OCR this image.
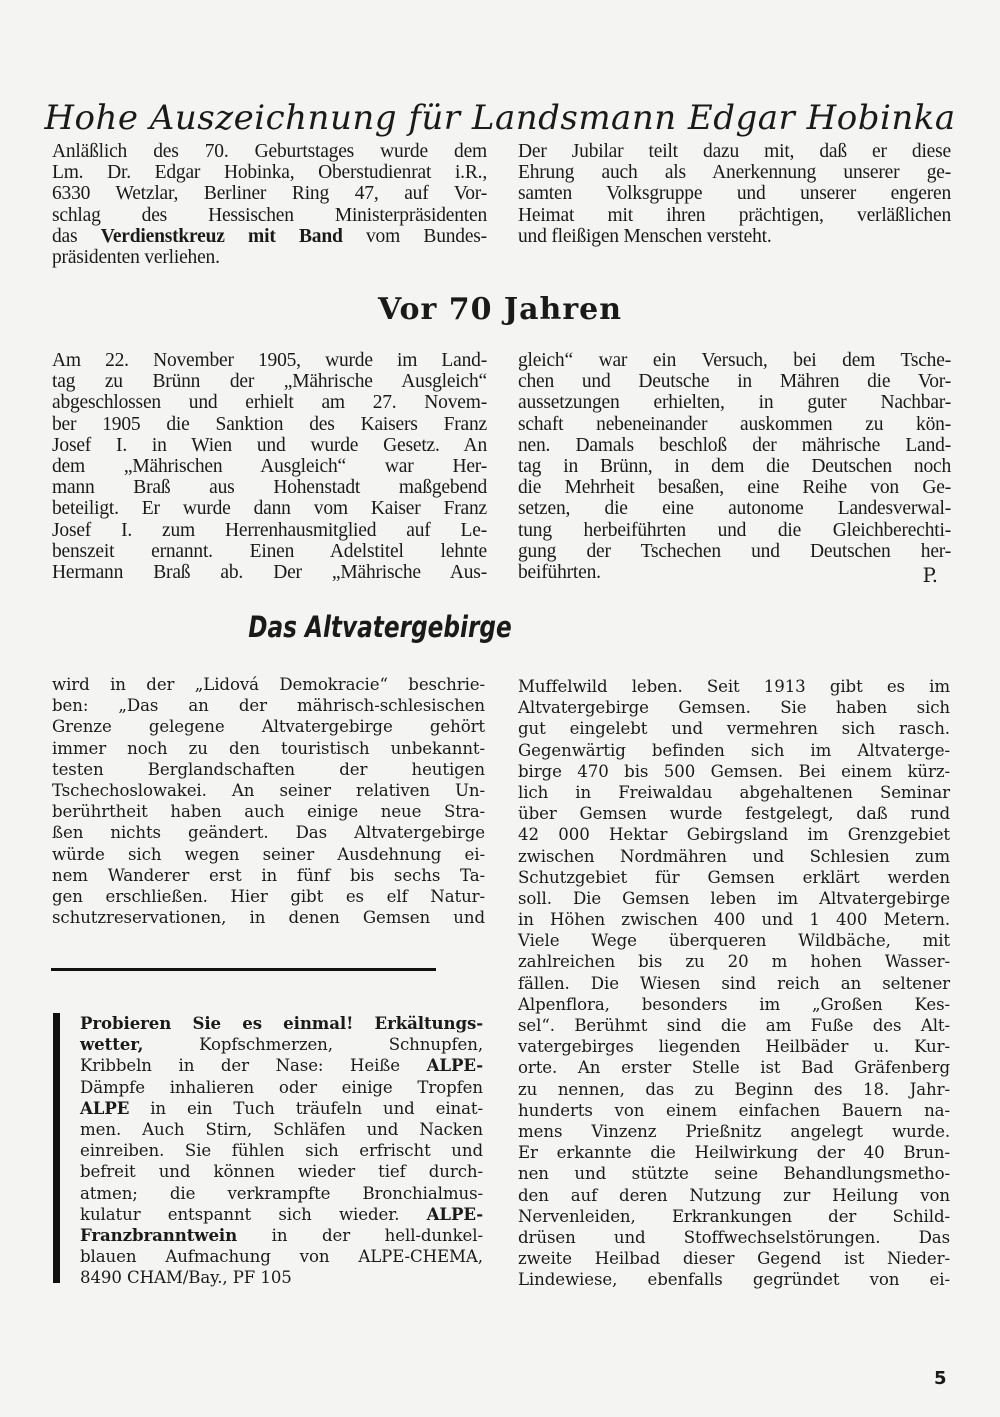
Hohe Auszeichnung für Landsmann Edgar Hobinka
Anläßlich des 70. Geburtstages wurde dem
Lm. Dr. Edgar Hobinka, Oberstudienrat i.R.,
6330 Wetzlar, Berliner Ring 47, auf Vor-
schlag des Hessischen Ministerpräsidenten
das Verdienstkreuz mit Band vom Bundes-
präsidenten verliehen.
Der Jubilar teilt dazu mit, daß er diese
Ehrung auch als Anerkennung unserer ge-
samten Volksgruppe und unserer engeren
Heimat mit ihren prächtigen, verläßlichen
und fleißigen Menschen versteht.
Vor 70 Jahren
Am 22. November 1905, wurde im Land-
tag zu Brünn der „Mährische Ausgleich“
abgeschlossen und erhielt am 27. Novem-
ber 1905 die Sanktion des Kaisers Franz
Josef I. in Wien und wurde Gesetz. An
dem „Mährischen Ausgleich“ war Her-
mann Braß aus Hohenstadt maßgebend
beteiligt. Er wurde dann vom Kaiser Franz
Josef I. zum Herrenhausmitglied auf Le-
benszeit ernannt. Einen Adelstitel lehnte
Hermann Braß ab. Der „Mährische Aus-
gleich“ war ein Versuch, bei dem Tsche-
chen und Deutsche in Mähren die Vor-
aussetzungen erhielten, in guter Nachbar-
schaft nebeneinander auskommen zu kön-
nen. Damals beschloß der mährische Land-
tag in Brünn, in dem die Deutschen noch
die Mehrheit besaßen, eine Reihe von Ge-
setzen, die eine autonome Landesverwal-
tung herbeiführten und die Gleichberechti-
gung der Tschechen und Deutschen her-
beiführten.	P.
Das Altvatergebirge
wird in der „Lidová Demokracie“ beschrie-
ben: „Das an der mährisch-schlesischen
Grenze gelegene Altvatergebirge gehört
immer noch zu den touristisch unbekannt-
testen Berglandschaften der heutigen
Tschechoslowakei. An seiner relativen Un-
berührtheit haben auch einige neue Stra-
ßen nichts geändert. Das Altvatergebirge
würde sich wegen seiner Ausdehnung ei-
nem Wanderer erst in fünf bis sechs Ta-
gen erschließen. Hier gibt es elf Natur-
schutzreservationen, in denen Gemsen und
Muffelwild leben. Seit 1913 gibt es im
Altvatergebirge Gemsen. Sie haben sich
gut eingelebt und vermehren sich rasch.
Gegenwärtig befinden sich im Altvaterge-
birge 470 bis 500 Gemsen. Bei einem kürz-
lich in Freiwaldau abgehaltenen Seminar
über Gemsen wurde festgelegt, daß rund
42 000 Hektar Gebirgsland im Grenzgebiet
zwischen Nordmähren und Schlesien zum
Schutzgebiet für Gemsen erklärt werden
soll. Die Gemsen leben im Altvatergebirge
in Höhen zwischen 400 und 1 400 Metern.
Viele Wege überqueren Wildbäche, mit
zahlreichen bis zu 20 m hohen Wasser-
fällen. Die Wiesen sind reich an seltener
Alpenflora, besonders im „Großen Kes-
sel“. Berühmt sind die am Fuße des Alt-
vatergebirges liegenden Heilbäder u. Kur-
orte. An erster Stelle ist Bad Gräfenberg
zu nennen, das zu Beginn des 18. Jahr-
hunderts von einem einfachen Bauern na-
mens Vinzenz Prießnitz angelegt wurde.
Er erkannte die Heilwirkung der 40 Brun-
nen und stützte seine Behandlungsmetho-
den auf deren Nutzung zur Heilung von
Nervenleiden, Erkrankungen der Schild-
drüsen und Stoffwechselstörungen. Das
zweite Heilbad dieser Gegend ist Nieder-
Lindewiese, ebenfalls gegründet von ei-
Probieren Sie es einmal! Erkältungs-
wetter, Kopfschmerzen, Schnupfen,
Kribbeln in der Nase: Heiße ALPE-
Dämpfe inhalieren oder einige Tropfen
ALPE in ein Tuch träufeln und einat-
men. Auch Stirn, Schläfen und Nacken
einreiben. Sie fühlen sich erfrischt und
befreit und können wieder tief durch-
atmen; die verkrampfte Bronchialmus-
kulatur entspannt sich wieder. ALPE-
Franzbranntwein in der hell-dunkel-
blauen Aufmachung von ALPE-CHEMA,
8490 CHAM/Bay., PF 105
5
